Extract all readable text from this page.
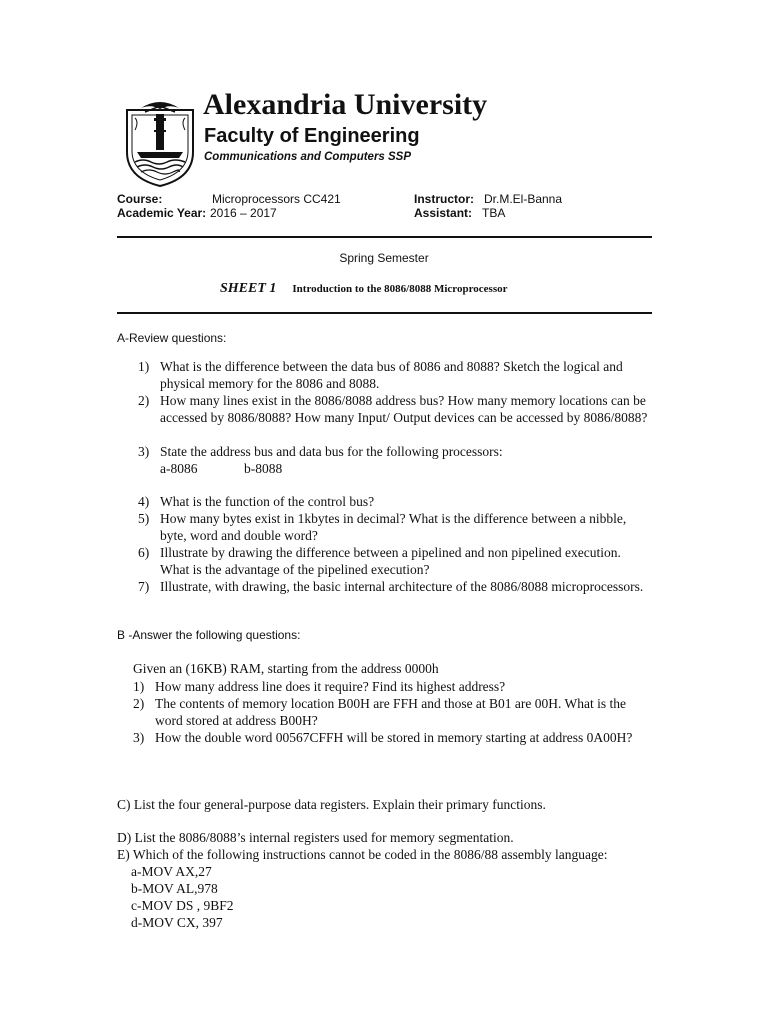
Alexandria University
Faculty of Engineering
Communications and Computers SSP
Course:	Microprocessors CC421	Instructor: Dr.M.El-Banna
Academic Year: 2016 – 2017	Assistant: TBA
Spring Semester
SHEET 1 Introduction to the 8086/8088 Microprocessor
A-Review questions:
1) What is the difference between the data bus of 8086 and 8088? Sketch the logical and physical memory for the 8086 and 8088.
2) How many lines exist in the 8086/8088 address bus? How many memory locations can be accessed by 8086/8088? How many Input/ Output devices can be accessed by 8086/8088?
3) State the address bus and data bus for the following processors:
a-8086	b-8088
4) What is the function of the control bus?
5) How many bytes exist in 1kbytes in decimal? What is the difference between a nibble, byte, word and double word?
6) Illustrate by drawing the difference between a pipelined and non pipelined execution. What is the advantage of the pipelined execution?
7) Illustrate, with drawing, the basic internal architecture of the 8086/8088 microprocessors.
B -Answer the following questions:
Given an (16KB) RAM, starting from the address 0000h
1) How many address line does it require? Find its highest address?
2) The contents of memory location B00H are FFH and those at B01 are 00H. What is the word stored at address B00H?
3) How the double word 00567CFFH will be stored in memory starting at address 0A00H?
C) List the four general-purpose data registers. Explain their primary functions.
D) List the 8086/8088’s internal registers used for memory segmentation.
E) Which of the following instructions cannot be coded in the 8086/88 assembly language:
a-MOV AX,27
b-MOV AL,978
c-MOV DS , 9BF2
d-MOV CX, 397
